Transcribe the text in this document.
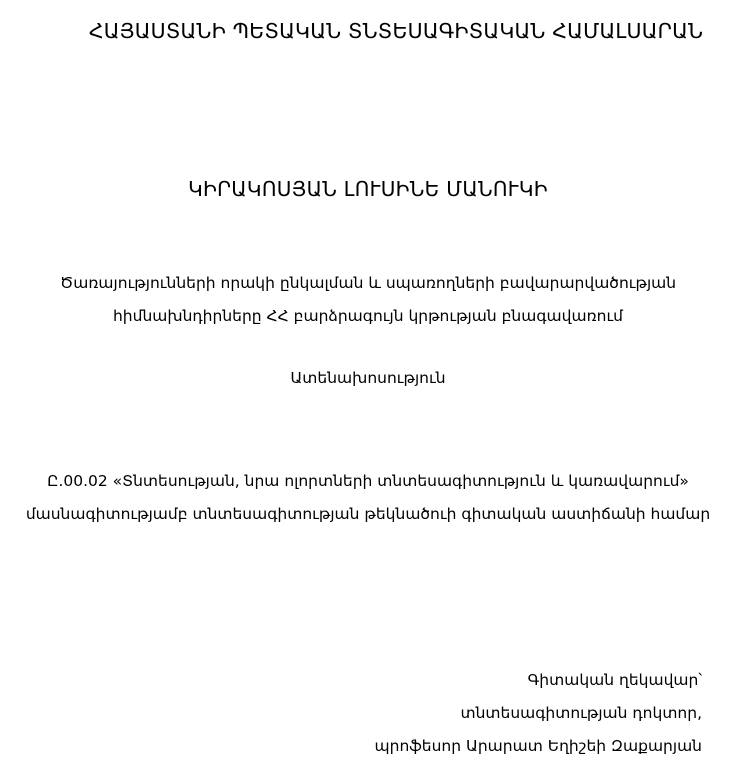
ՀԱՅԱՍՏԱՆԻ ՊԵՏԱԿԱՆ ՏՆՏԵՍԱԳԻՏԱԿԱՆ ՀԱՄԱԼՍԱՐԱՆ
ԿԻՐԱԿՈՍՅԱՆ ԼՈՒՍԻՆԵ ՄԱՆՈՒԿԻ
Ծառայությունների որակի ընկալման և սպառողների բավարարվածության
հիմնախնդիրները ՀՀ բարձրագույն կրթության բնագավառում
Ատենախոսություն
Ը.00.02 «Տնտեսության, նրա ոլորտների տնտեսագիտություն և կառավարում»
մասնագիտությամբ տնտեսագիտության թեկնածուի գիտական աստիճանի համար
Գիտական ղեկավար՝
տնտեսագիտության դոկտոր,
պրոֆեսոր Արարատ Եղիշեի Զաքարյան
